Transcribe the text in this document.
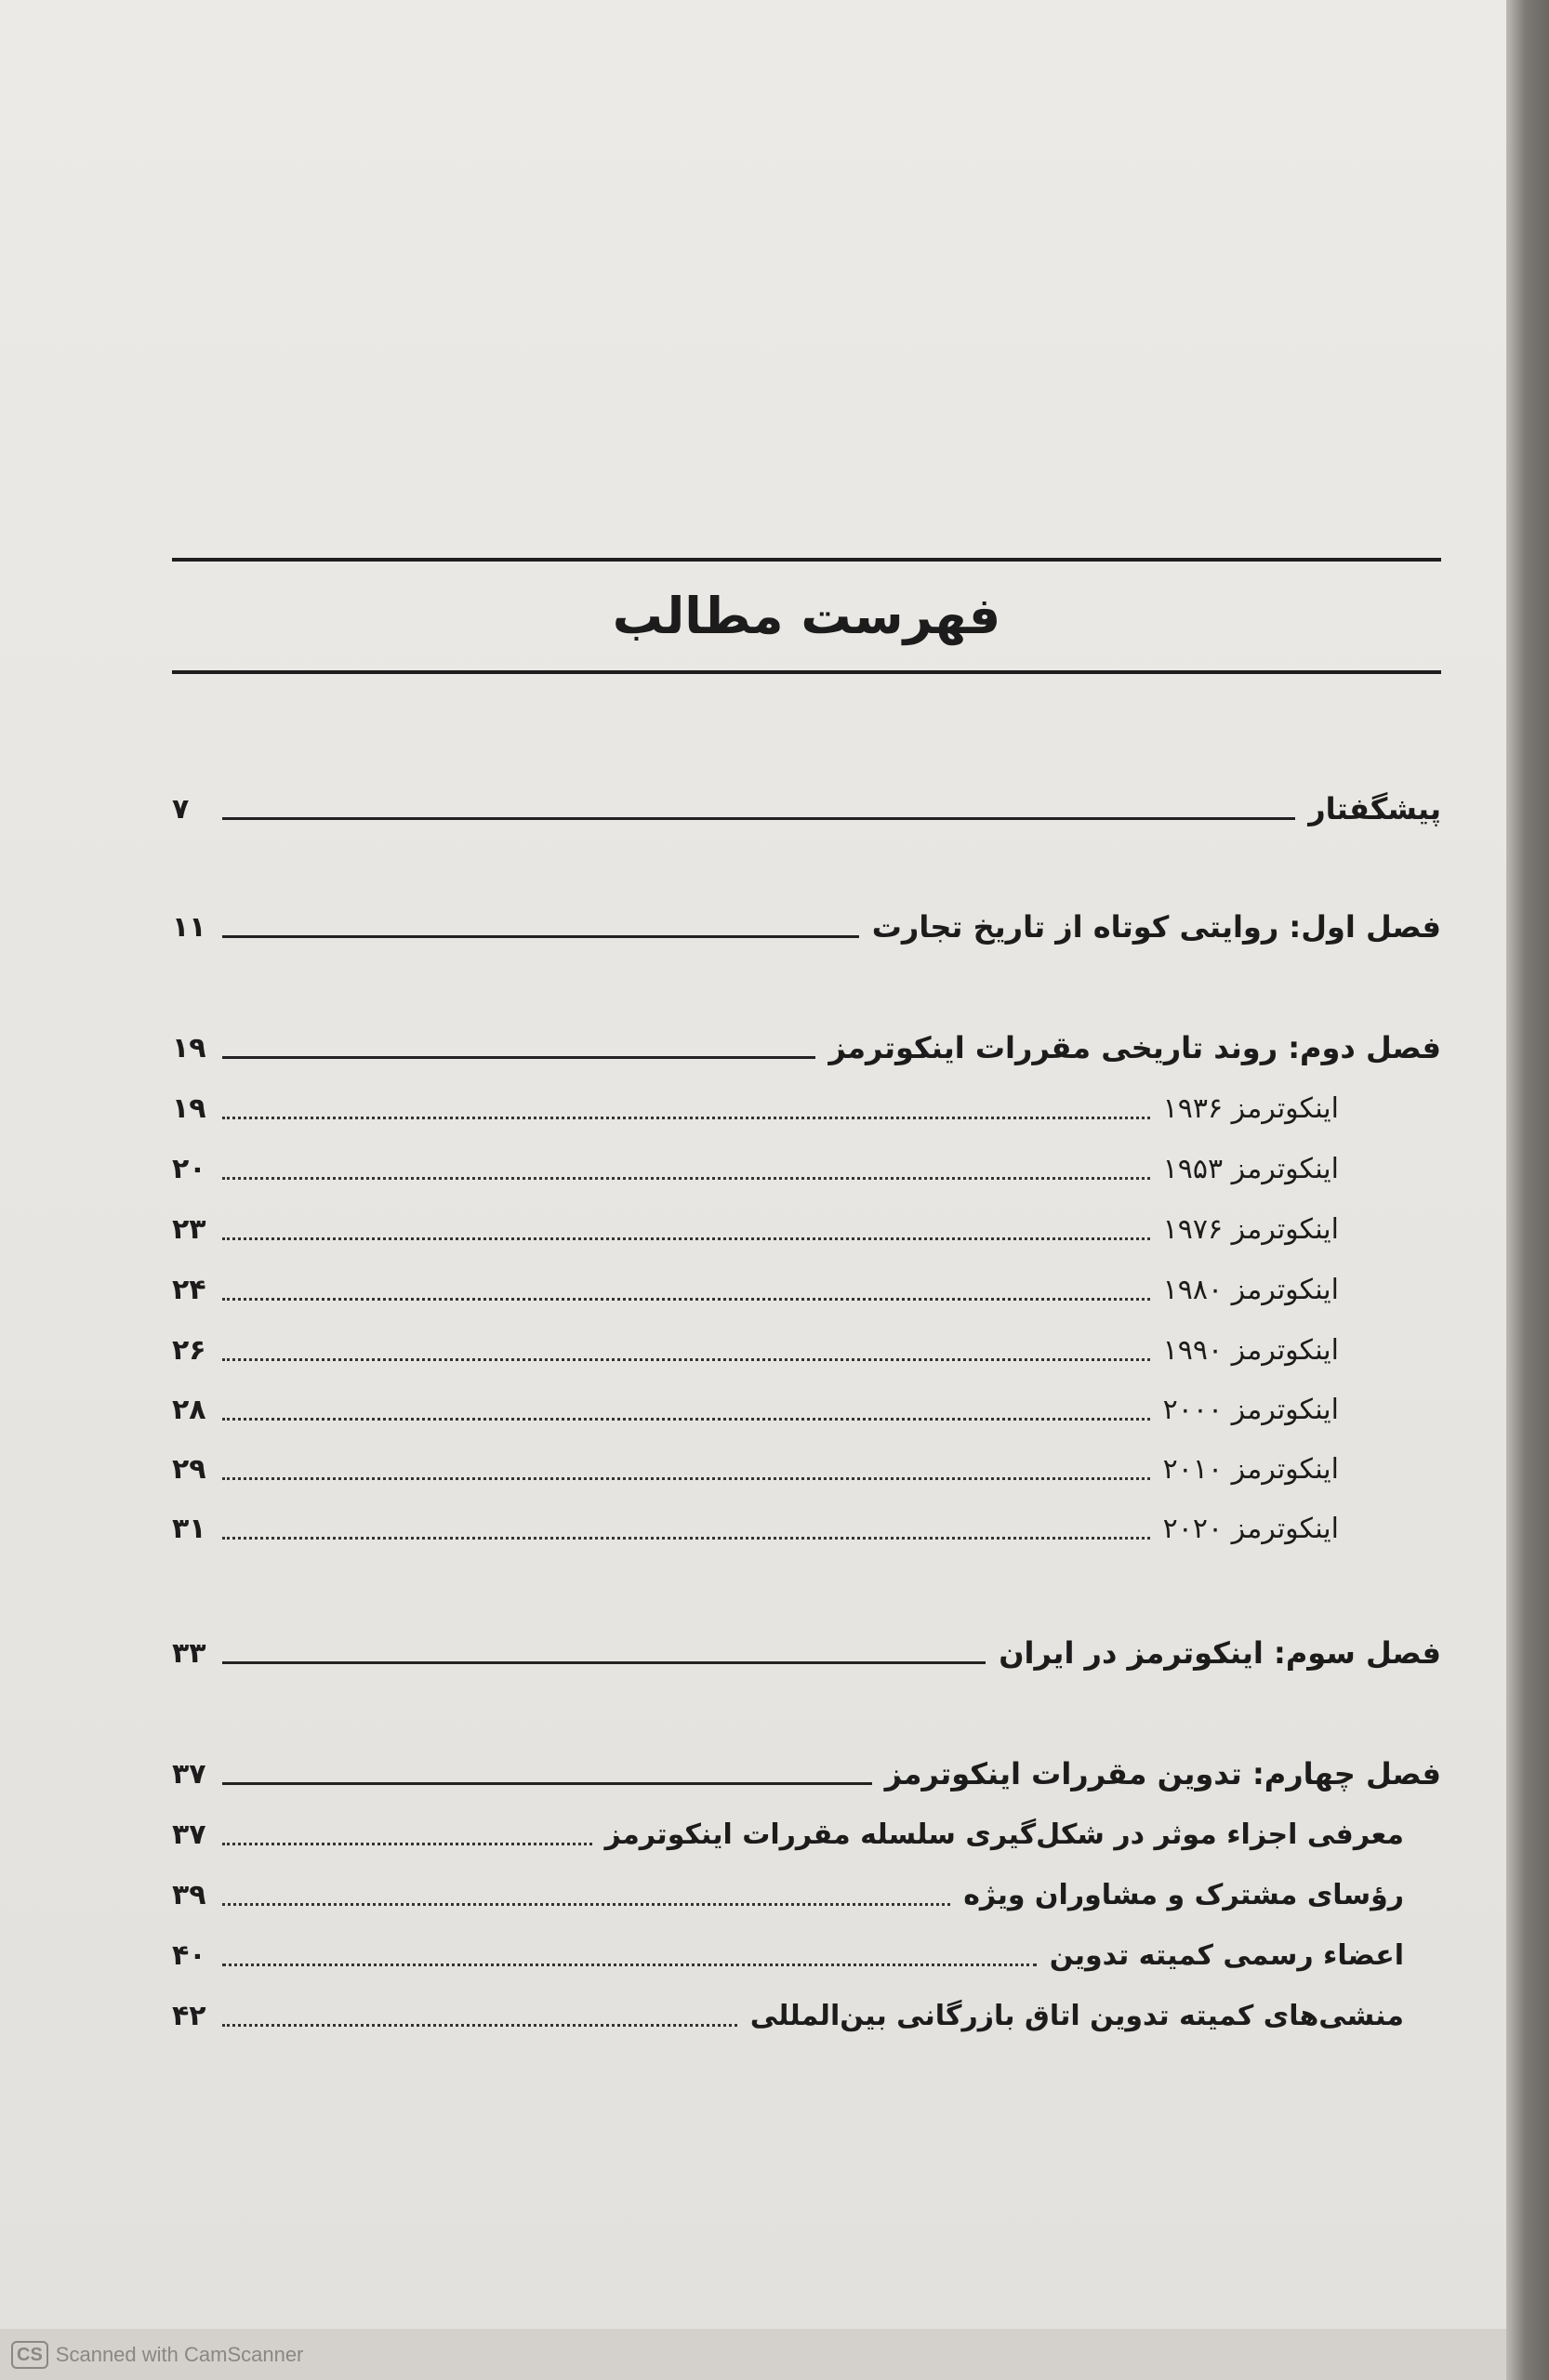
فهرست مطالب
پیشگفتار
۷
فصل اول: روایتی کوتاه از تاریخ تجارت
۱۱
فصل دوم: روند تاریخی مقررات اینکوترمز
۱۹
اینکوترمز ۱۹۳۶
۱۹
اینکوترمز ۱۹۵۳
۲۰
اینکوترمز ۱۹۷۶
۲۳
اینکوترمز ۱۹۸۰
۲۴
اینکوترمز ۱۹۹۰
۲۶
اینکوترمز ۲۰۰۰
۲۸
اینکوترمز ۲۰۱۰
۲۹
اینکوترمز ۲۰۲۰
۳۱
فصل سوم: اینکوترمز در ایران
۳۳
فصل چهارم: تدوین مقررات اینکوترمز
۳۷
معرفی اجزاء موثر در شکل‌گیری سلسله مقررات اینکوترمز
۳۷
رؤسای مشترک و مشاوران ویژه
۳۹
اعضاء رسمی کمیته تدوین
۴۰
منشی‌های کمیته تدوین اتاق بازرگانی بین‌المللی
۴۲
CS Scanned with CamScanner
